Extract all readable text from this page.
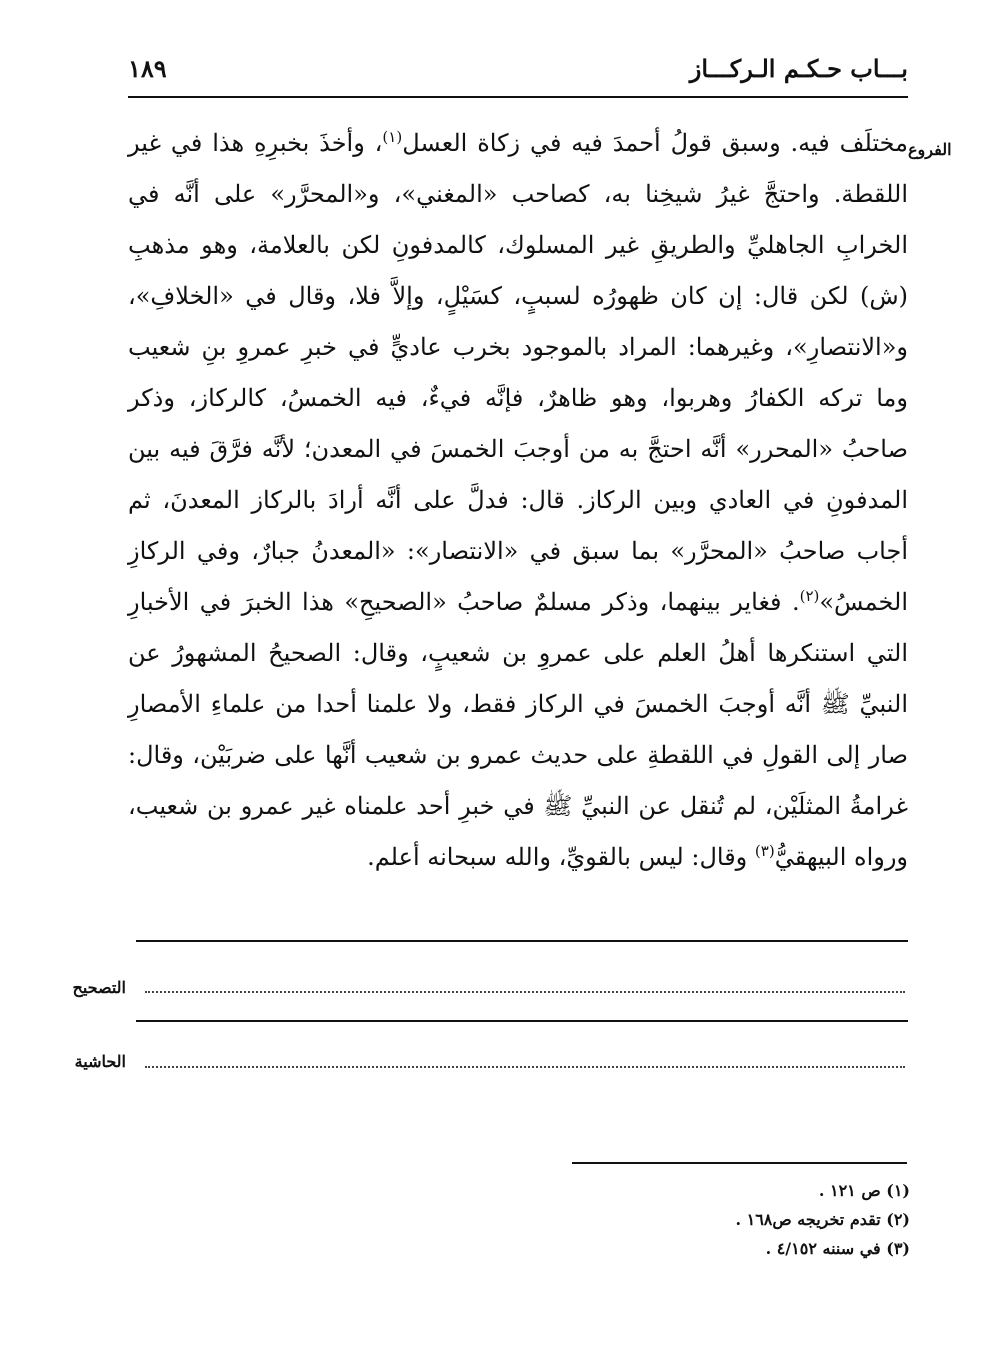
بـــاب حـكـم الـركـــاز
١٨٩
الفروع

مختلَف فيه. وسبق قولُ أحمدَ فيه في زكاة العسل$^{(١)}$، وأخذَ بخبرِهِ هذا في غير اللقطة. واحتجَّ غيرُ شيخِنا به، كصاحب «المغني»، و«المحرَّر» على أنَّه في الخرابِ الجاهليِّ والطريقِ غير المسلوك، كالمدفونِ لكن بالعلامة، وهو مذهبِ (ش) لكن قال: إن كان ظهورُه لسببٍ، كسَيْلٍ، وإلاَّ فلا، وقال في «الخلافِ»، و«الانتصارِ»، وغيرهما: المراد بالموجود بخرب عاديٍّ في خبرِ عمروِ بنِ شعيب وما تركه الكفارُ وهربوا، وهو ظاهرٌ، فإنَّه فيءٌ، فيه الخمسُ، كالركاز، وذكر صاحبُ «المحرر» أنَّه احتجَّ به من أوجبَ الخمسَ في المعدن؛ لأنَّه فرَّقَ فيه بين المدفونِ في العادي وبين الركاز. قال: فدلَّ على أنَّه أرادَ بالركاز المعدنَ، ثم أجاب صاحبُ «المحرَّر» بما سبق في «الانتصار»: «المعدنُ جبارٌ، وفي الركازِ الخمسُ»$^{(٢)}$. فغاير بينهما، وذكر مسلمٌ صاحبُ «الصحيحِ» هذا الخبرَ في الأخبارِ التي استنكرها أهلُ العلم على عمروِ بن شعيبٍ، وقال: الصحيحُ المشهورُ عن النبيِّ ﷺ أنَّه أوجبَ الخمسَ في الركاز فقط، ولا علمنا أحدا من علماءِ الأمصارِ صار إلى القولِ في اللقطةِ على حديث عمرو بن شعيب أنَّها على ضربَيْن، وقال: غرامةُ المثلَيْن، لم تُنقل عن النبيِّ ﷺ في خبرِ أحد علمناه غير عمرو بن شعيب، ورواه البيهقيُّ$^{(٣)}$ وقال: ليس بالقويِّ، والله سبحانه أعلم.

التصحيح
الحاشية
(١) ص ١٢١ .
(٢) تقدم تخريجه ص١٦٨ .
(٣) في سننه ٤/١٥٢ .
